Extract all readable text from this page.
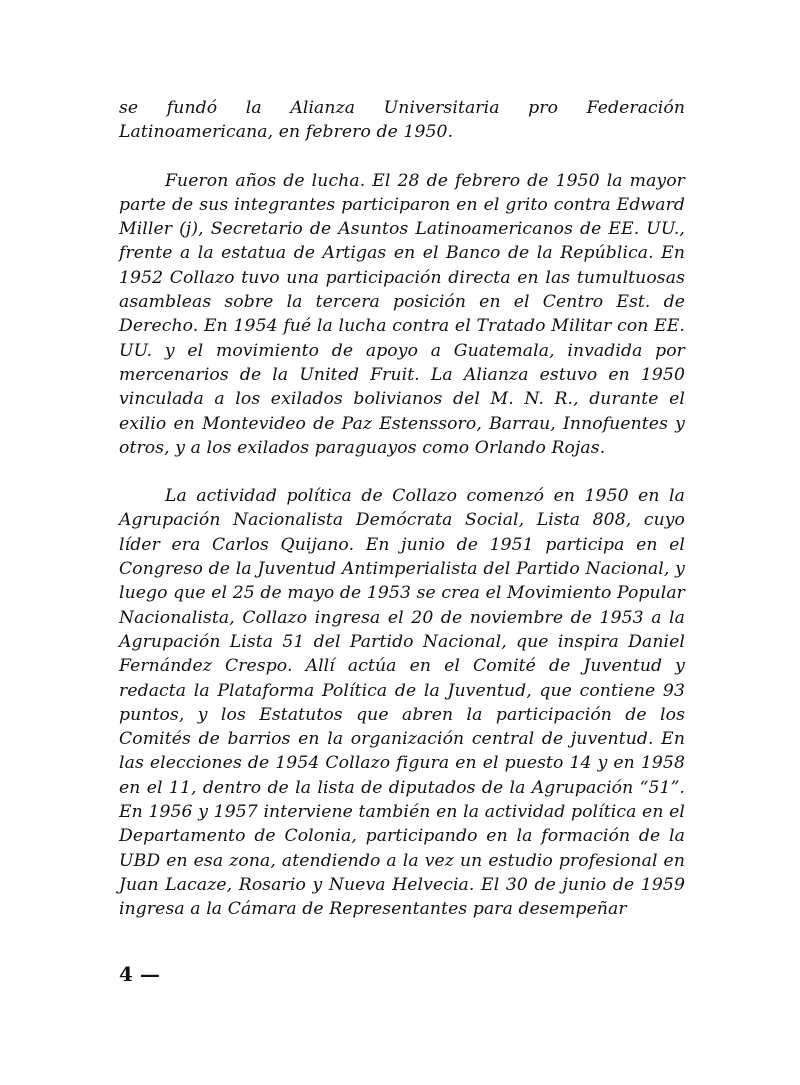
se fundó la Alianza Universitaria pro Federación Latinoamericana, en febrero de 1950.

Fueron años de lucha. El 28 de febrero de 1950 la mayor parte de sus integrantes participaron en el grito contra Edward Miller (j), Secretario de Asuntos Latinoamericanos de EE. UU., frente a la estatua de Artigas en el Banco de la República. En 1952 Collazo tuvo una participación directa en las tumultuosas asambleas sobre la tercera posición en el Centro Est. de Derecho. En 1954 fué la lucha contra el Tratado Militar con EE. UU. y el movimiento de apoyo a Guatemala, invadida por mercenarios de la United Fruit. La Alianza estuvo en 1950 vinculada a los exilados bolivianos del M. N. R., durante el exilio en Montevideo de Paz Estenssoro, Barrau, Innofuentes y otros, y a los exilados paraguayos como Orlando Rojas.

La actividad política de Collazo comenzó en 1950 en la Agrupación Nacionalista Demócrata Social, Lista 808, cuyo líder era Carlos Quijano. En junio de 1951 participa en el Congreso de la Juventud Antimperialista del Partido Nacional, y luego que el 25 de mayo de 1953 se crea el Movimiento Popular Nacionalista, Collazo ingresa el 20 de noviembre de 1953 a la Agrupación Lista 51 del Partido Nacional, que inspira Daniel Fernández Crespo. Allí actúa en el Comité de Juventud y redacta la Plataforma Política de la Juventud, que contiene 93 puntos, y los Estatutos que abren la participación de los Comités de barrios en la organización central de juventud. En las elecciones de 1954 Collazo figura en el puesto 14 y en 1958 en el 11, dentro de la lista de diputados de la Agrupación “51”. En 1956 y 1957 interviene también en la actividad política en el Departamento de Colonia, participando en la formación de la UBD en esa zona, atendiendo a la vez un estudio profesional en Juan Lacaze, Rosario y Nueva Helvecia. El 30 de junio de 1959 ingresa a la Cámara de Representantes para desempeñar

4 —
